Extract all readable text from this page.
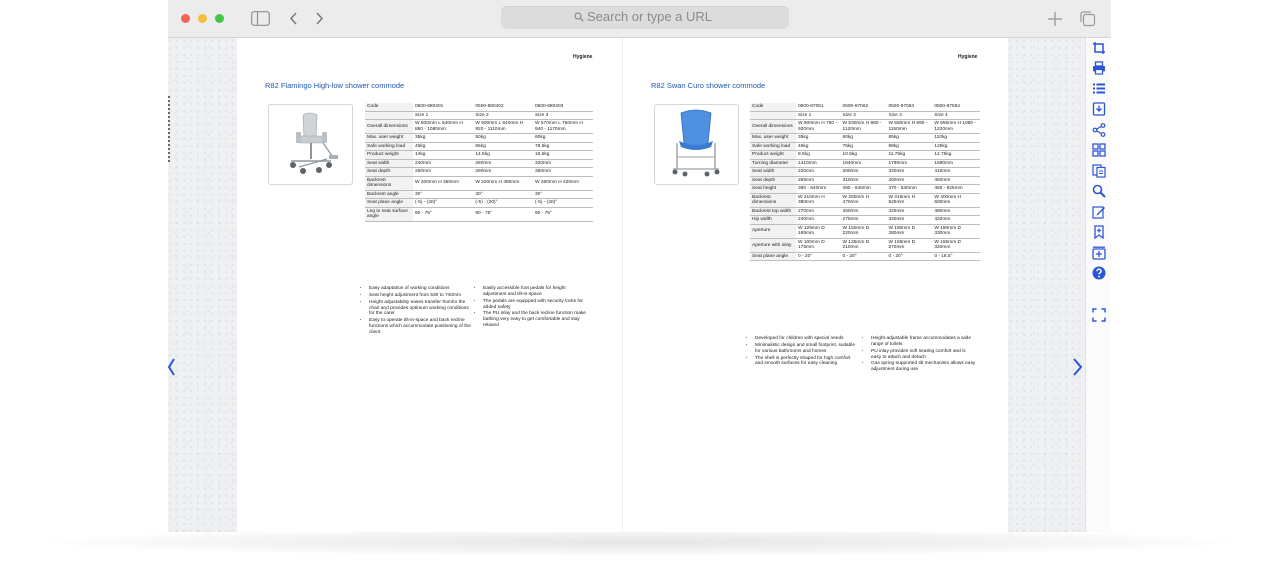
Search or type a URL
Hygiene
R82 Flamingo High-low shower commode
Code	0500-880401	0500-880402	0500-880403
	Size 1	Size 2	Size 3
Overall dimensions	W 500mm L 640mm H 860 - 1080mm	W 500mm L 640mm H 920 - 1110mm	W 570mm L 760mm H 940 - 1170mm
Max. user weight	35kg	50kg	60kg
Safe working load	45kg	66kg	78.5kg
Product weight	14kg	14.5kg	16.5kg
Seat width	240mm	280mm	320mm
Seat depth	250mm	290mm	350mm
Backrest dimensions	W 200mm H 350mm	W 220mm H 380mm	W 260mm H 420mm
Backrest angle	30°	30°	30°
Seat plane angle	(-5) - (20)°	(-5) - (20)°	(-5) - (20)°
Leg to seat surface angle	90 - 75°	90 - 75°	90 - 75°
• Easy adaptation of working conditions
• Seat height adjustment from 530 to 740mm
• Height adjustability eases transfer from/to the chair and provides optimum working conditions for the carer
• Easy to operate tilt-in-space and back recline functions which accommodate positioning of the client
• Easily accessible foot pedals for height adjustment and tilt-in-space
• The pedals are equipped with security locks for added safety
• The PU inlay and the back recline function make bathing very easy to get comfortable and stay relaxed
Hygiene
R82 Swan Curo shower commode
Code	0500-87061	0500-87062	0500-87063	0500-87064
	Size 1	Size 2	Size 3	Size 4
Overall dimensions	W 500mm H 760 - 920mm	W 530mm H 960 - 1120mm	W 580mm H 990 - 1150mm	W 655mm H 1060 - 1220mm
Max. user weight	35kg	60kg	85kg	110kg
Safe working load	46kg	75kg	99kg	125kg
Product weight	8.5kg	10.5kg	11.75kg	12.75kg
Turning diameter	1410mm	1640mm	1790mm	1890mm
Seat width	220mm	260mm	320mm	410mm
Seat depth	265mm	310mm	400mm	450mm
Seat height	380 - 540mm	480 - 640mm	470 - 630mm	465 - 625mm
Backrest dimensions	W 210mm H 380mm	W 250mm H 470mm	W 315mm H 525mm	W 400mm H 600mm
Backrest top width	270mm	350mm	425mm	490mm
Hip width	240mm	275mm	340mm	420mm
Aperture	W 125mm D 185mm	W 150mm D 220mm	W 180mm D 280mm	W 180mm D 330mm
Aperture with inlay	W 100mm D 175mm	W 125mm D 210mm	W 155mm D 270mm	W 155mm D 320mm
Seat plane angle	0 - 20°	0 - 20°	0 - 20°	0 - 18.5°
• Developed for children with special needs
• Minimalistic design and small footprint, suitable for various bathrooms and homes
• The shell is perfectly shaped for high comfort and smooth surfaces for easy cleaning
• Height-adjustable frame accommodates a wide range of toilets
• PU inlay provides soft seating comfort and is easy to attach and detach
• Gas spring-supported tilt mechanism allows easy adjustment during use
